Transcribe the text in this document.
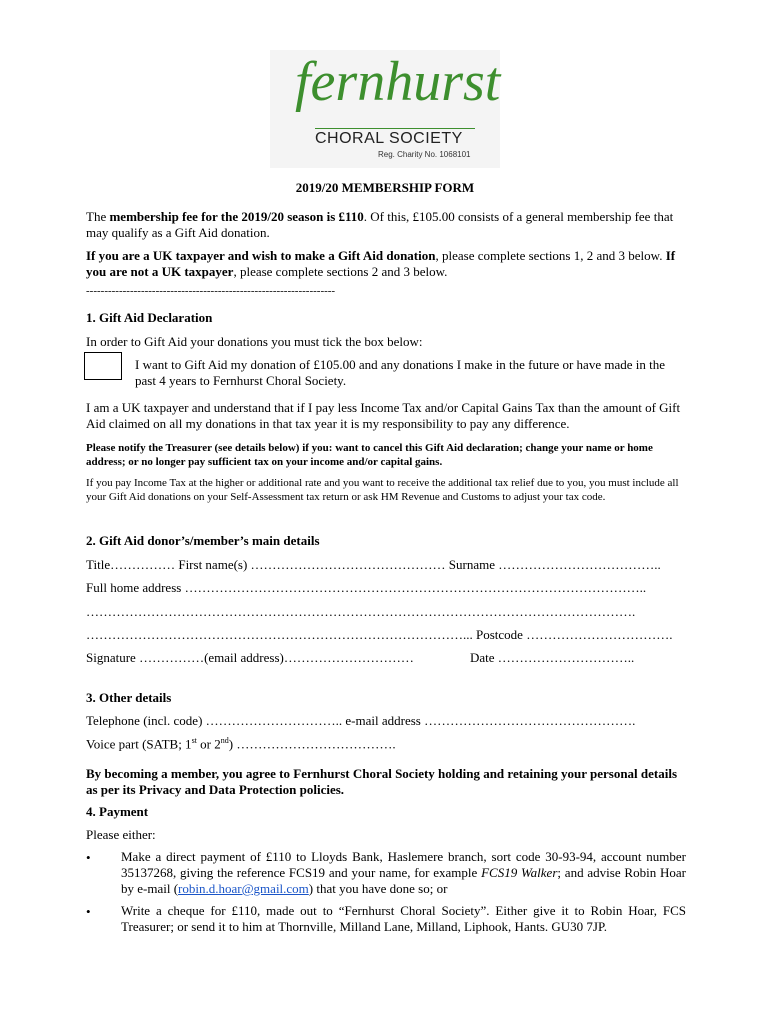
fernhurst
CHORAL SOCIETY
Reg. Charity No. 1068101
2019/20 MEMBERSHIP FORM

The membership fee for the 2019/20 season is £110. Of this, £105.00 consists of a general membership fee that may qualify as a Gift Aid donation.

If you are a UK taxpayer and wish to make a Gift Aid donation, please complete sections 1, 2 and 3 below. If you are not a UK taxpayer, please complete sections 2 and 3 below.

--------------------------------------------------------------------
1. Gift Aid Declaration
In order to Gift Aid your donations you must tick the box below:

I want to Gift Aid my donation of £105.00 and any donations I make in the future or have made in the past 4 years to Fernhurst Choral Society.

I am a UK taxpayer and understand that if I pay less Income Tax and/or Capital Gains Tax than the amount of Gift Aid claimed on all my donations in that tax year it is my responsibility to pay any difference.

Please notify the Treasurer (see details below) if you: want to cancel this Gift Aid declaration; change your name or home address; or no longer pay sufficient tax on your income and/or capital gains.

If you pay Income Tax at the higher or additional rate and you want to receive the additional tax relief due to you, you must include all your Gift Aid donations on your Self-Assessment tax return or ask HM Revenue and Customs to adjust your tax code.

2. Gift Aid donor’s/member’s main details
Title…………… First name(s) ……………………………………… Surname ………………………………..
Full home address ……………………………………………………………………………………………..
……………………………………………………………………………………………………………….
……………………………………………………………………………... Postcode …………………………….
Signature ……………(email address)…………………………	Date …………………………..
3. Other details
Telephone (incl. code) ………………………….. e-mail address ………………………………………….
Voice part (SATB; 1st or 2nd) ……………………………….

By becoming a member, you agree to Fernhurst Choral Society holding and retaining your personal details as per its Privacy and Data Protection policies.

4. Payment
Please either:
• Make a direct payment of £110 to Lloyds Bank, Haslemere branch, sort code 30-93-94, account number 35137268, giving the reference FCS19 and your name, for example FCS19 Walker; and advise Robin Hoar by e-mail (robin.d.hoar@gmail.com) that you have done so; or

• Write a cheque for £110, made out to “Fernhurst Choral Society”. Either give it to Robin Hoar, FCS Treasurer; or send it to him at Thornville, Milland Lane, Milland, Liphook, Hants. GU30 7JP.
